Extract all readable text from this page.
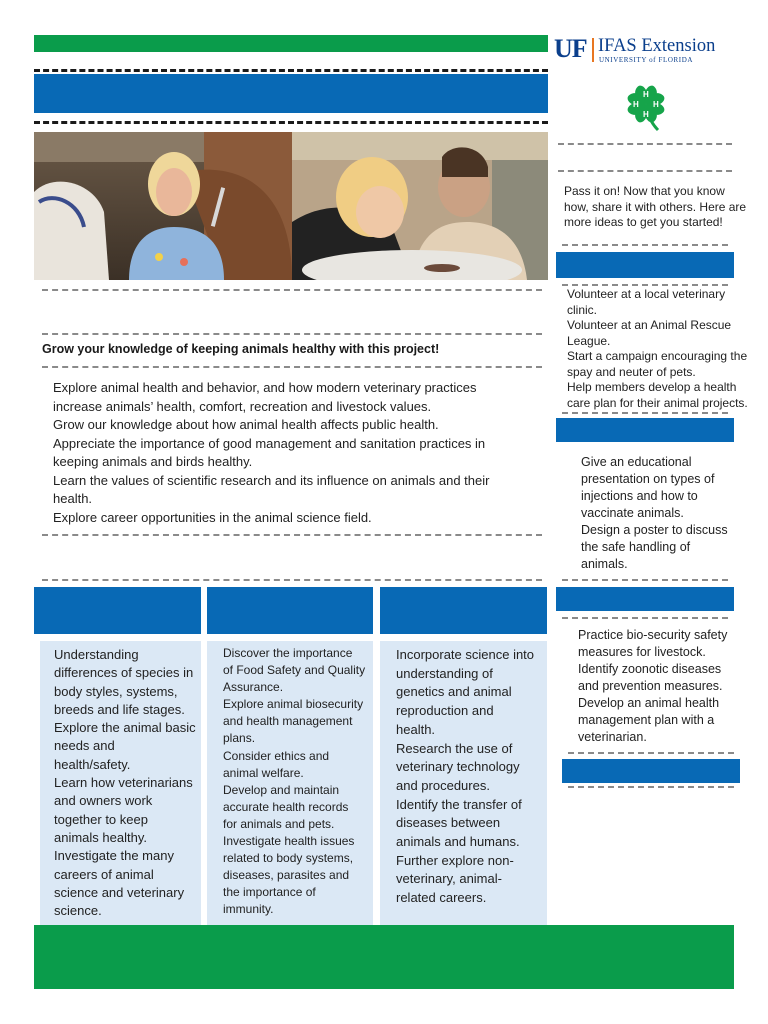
UF IFAS Extension
UNIVERSITY of FLORIDA
H
H
H H
Grow your knowledge of keeping animals healthy with this project!
Explore animal health and behavior, and how modern veterinary practices
increase animals’ health, comfort, recreation and livestock values.
Grow our knowledge about how animal health affects public health.
Appreciate the importance of good management and sanitation practices in
keeping animals and birds healthy.
Learn the values of scientific research and its influence on animals and their
health.
Explore career opportunities in the animal science field.
Understanding
differences of species in
body styles, systems,
breeds and life stages.
Explore the animal basic
needs and
health/safety.
Learn how veterinarians
and owners work
together to keep
animals healthy.
Investigate the many
careers of animal
science and veterinary
science.
Discover the importance
of Food Safety and Quality
Assurance.
Explore animal biosecurity
and health management
plans.
Consider ethics and
animal welfare.
Develop and maintain
accurate health records
for animals and pets.
Investigate health issues
related to body systems,
diseases, parasites and
the importance of
immunity.
Incorporate science into
understanding of
genetics and animal
reproduction and
health.
Research the use of
veterinary technology
and procedures.
Identify the transfer of
diseases between
animals and humans.
Further explore non-
veterinary, animal-
related careers.
Pass it on! Now that you know
how, share it with others. Here are
more ideas to get you started!
Volunteer at a local veterinary
clinic.
Volunteer at an Animal Rescue
League.
Start a campaign encouraging the
spay and neuter of pets.
Help members develop a health
care plan for their animal projects.
Give an educational
presentation on types of
injections and how to
vaccinate animals.
Design a poster to discuss
the safe handling of
animals.
Practice bio-security safety
measures for livestock.
Identify zoonotic diseases
and prevention measures.
Develop an animal health
management plan with a
veterinarian.
